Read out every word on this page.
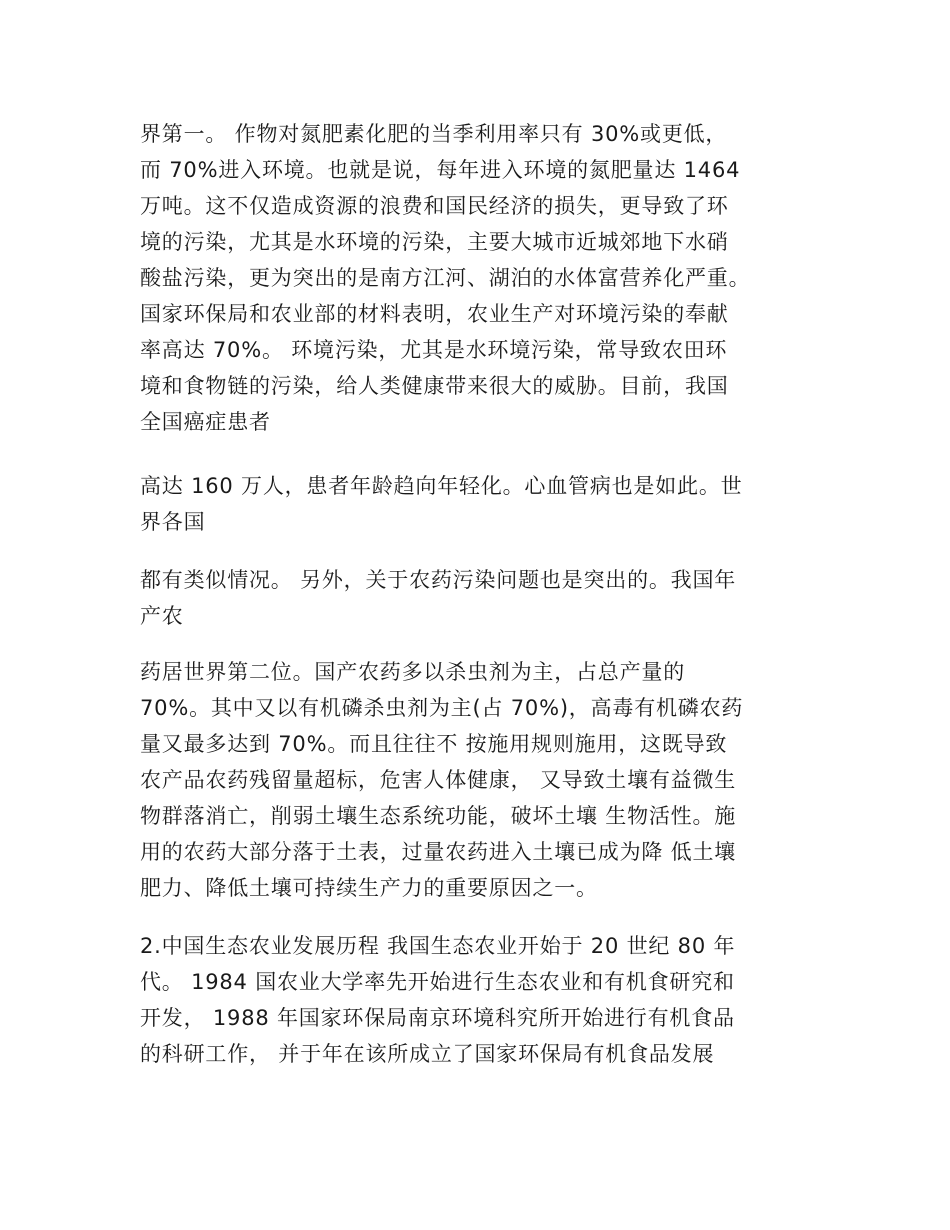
界第一。 作物对氮肥素化肥的当季利用率只有 30%或更低，
而 70%进入环境。也就是说，每年进入环境的氮肥量达 1464
万吨。这不仅造成资源的浪费和国民经济的损失，更导致了环
境的污染，尤其是水环境的污染，主要大城市近城郊地下水硝
酸盐污染，更为突出的是南方江河、湖泊的水体富营养化严重。
国家环保局和农业部的材料表明，农业生产对环境污染的奉献
率高达 70%。 环境污染，尤其是水环境污染，常导致农田环
境和食物链的污染，给人类健康带来很大的威胁。目前，我国
全国癌症患者

高达 160 万人，患者年龄趋向年轻化。心血管病也是如此。世
界各国

都有类似情况。 另外，关于农药污染问题也是突出的。我国年
产农

药居世界第二位。国产农药多以杀虫剂为主，占总产量的
70%。其中又以有机磷杀虫剂为主(占 70%)，高毒有机磷农药
量又最多达到 70%。而且往往不 按施用规则施用，这既导致
农产品农药残留量超标，危害人体健康， 又导致土壤有益微生
物群落消亡，削弱土壤生态系统功能，破坏土壤 生物活性。施
用的农药大部分落于土表，过量农药进入土壤已成为降 低土壤
肥力、降低土壤可持续生产力的重要原因之一。

2.中国生态农业发展历程 我国生态农业开始于 20 世纪 80 年
代。 1984 国农业大学率先开始进行生态农业和有机食研究和
开发， 1988 年国家环保局南京环境科究所开始进行有机食品
的科研工作， 并于年在该所成立了国家环保局有机食品发展
